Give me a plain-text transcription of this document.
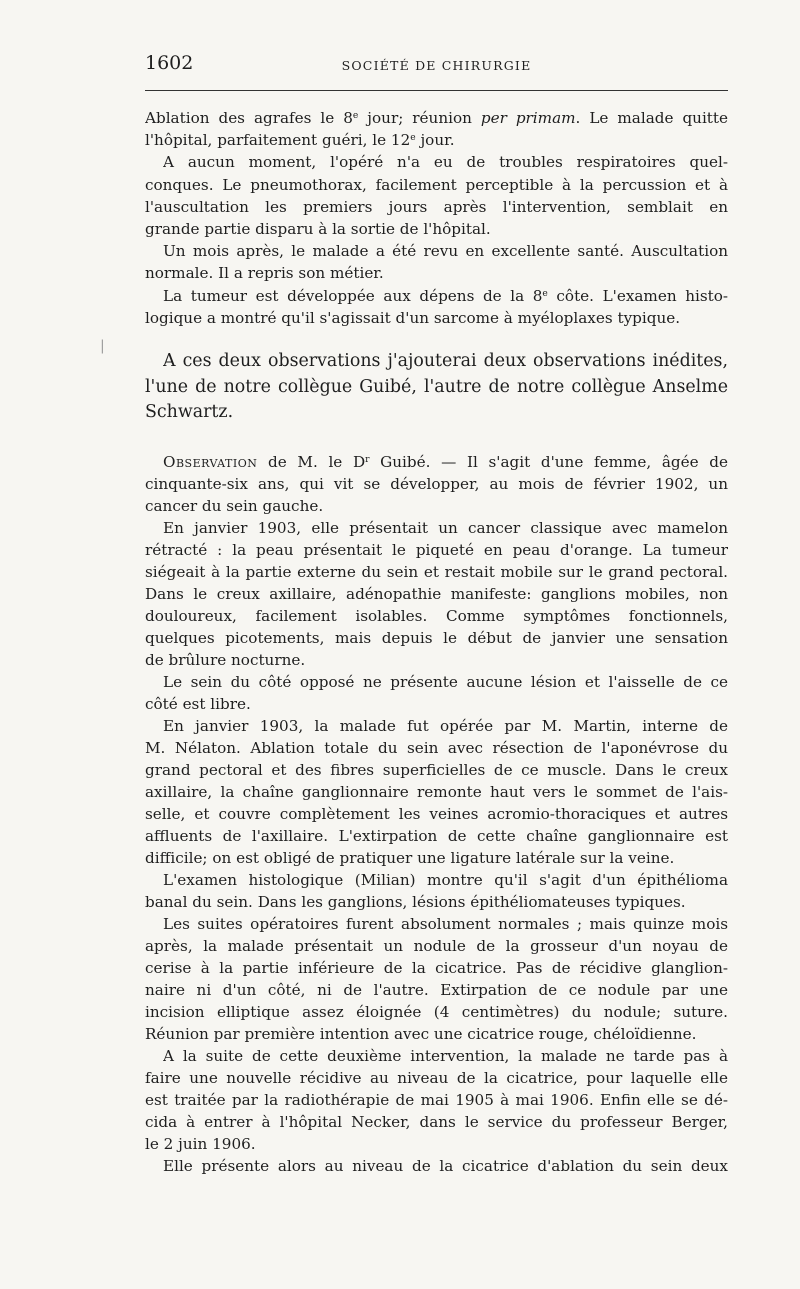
1602	SOCIÉTÉ DE CHIRURGIE
|

Ablation des agrafes le 8e jour; réunion per primam. Le malade quitte

l'hôpital, parfaitement guéri, le 12e jour.

A aucun moment, l'opéré n'a eu de troubles respiratoires quel-

conques. Le pneumothorax, facilement perceptible à la percussion et à

l'auscultation les premiers jours après l'intervention, semblait en

grande partie disparu à la sortie de l'hôpital.

Un mois après, le malade a été revu en excellente santé. Auscultation

normale. Il a repris son métier.

La tumeur est développée aux dépens de la 8e côte. L'examen histo-

logique a montré qu'il s'agissait d'un sarcome à myéloplaxes typique.

A ces deux observations j'ajouterai deux observations inédites,

l'une de notre collègue Guibé, l'autre de notre collègue Anselme

Schwartz.

Observation de M. le $D^r$ Guibé. — Il s'agit d'une femme, âgée de

cinquante-six ans, qui vit se développer, au mois de février 1902, un

cancer du sein gauche.

En janvier 1903, elle présentait un cancer classique avec mamelon

rétracté : la peau présentait le piqueté en peau d'orange. La tumeur

siégeait à la partie externe du sein et restait mobile sur le grand pectoral.

Dans le creux axillaire, adénopathie manifeste: ganglions mobiles, non

douloureux, facilement isolables. Comme symptômes fonctionnels,

quelques picotements, mais depuis le début de janvier une sensation

de brûlure nocturne.

Le sein du côté opposé ne présente aucune lésion et l'aisselle de ce

côté est libre.

En janvier 1903, la malade fut opérée par M. Martin, interne de

M. Nélaton. Ablation totale du sein avec résection de l'aponévrose du

grand pectoral et des fibres superficielles de ce muscle. Dans le creux

axillaire, la chaîne ganglionnaire remonte haut vers le sommet de l'ais-

selle, et couvre complètement les veines acromio-thoraciques et autres

affluents de l'axillaire. L'extirpation de cette chaîne ganglionnaire est

difficile; on est obligé de pratiquer une ligature latérale sur la veine.

L'examen histologique (Milian) montre qu'il s'agit d'un épithélioma

banal du sein. Dans les ganglions, lésions épithéliomateuses typiques.

Les suites opératoires furent absolument normales ; mais quinze mois

après, la malade présentait un nodule de la grosseur d'un noyau de

cerise à la partie inférieure de la cicatrice. Pas de récidive glanglion-

naire ni d'un côté, ni de l'autre. Extirpation de ce nodule par une

incision elliptique assez éloignée (4 centimètres) du nodule; suture.

Réunion par première intention avec une cicatrice rouge, chéloïdienne.

A la suite de cette deuxième intervention, la malade ne tarde pas à

faire une nouvelle récidive au niveau de la cicatrice, pour laquelle elle

est traitée par la radiothérapie de mai 1905 à mai 1906. Enfin elle se dé-

cida à entrer à l'hôpital Necker, dans le service du professeur Berger,

le 2 juin 1906.

Elle présente alors au niveau de la cicatrice d'ablation du sein deux
